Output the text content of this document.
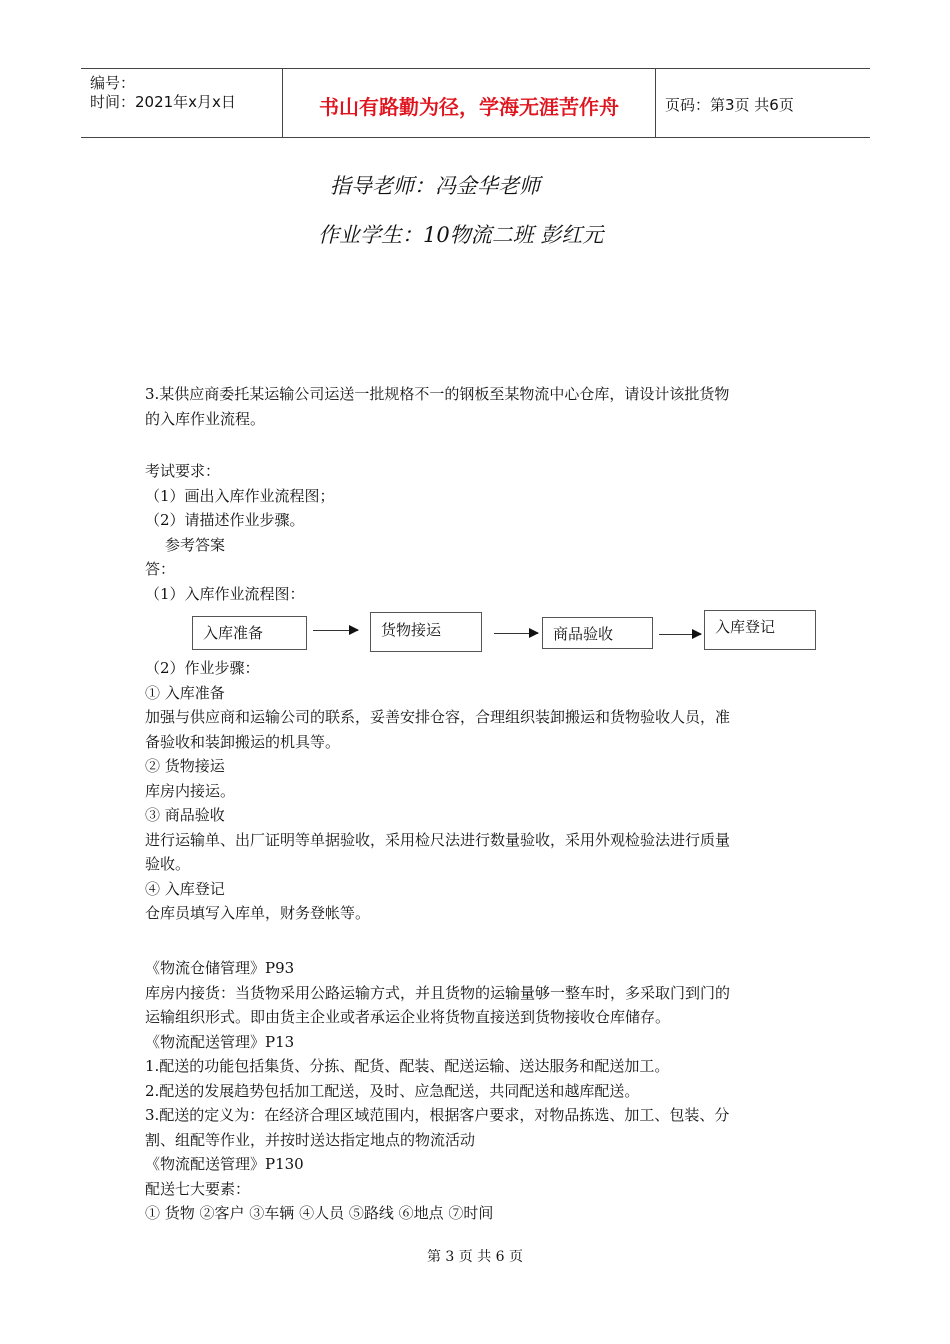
编号：
时间：2021年x月x日	书山有路勤为径，学海无涯苦作舟	页码：第3页 共6页
指导老师：冯金华老师
作业学生：10物流二班 彭红元
3.某供应商委托某运输公司运送一批规格不一的钢板至某物流中心仓库，请设计该批货物
的入库作业流程。
考试要求：
（1）画出入库作业流程图；
（2）请描述作业步骤。
参考答案
答：
（1）入库作业流程图：
入库准备	货物接运	商品验收	入库登记
（2）作业步骤：
① 入库准备
加强与供应商和运输公司的联系，妥善安排仓容，合理组织装卸搬运和货物验收人员，准
备验收和装卸搬运的机具等。
② 货物接运
库房内接运。
③ 商品验收
进行运输单、出厂证明等单据验收，采用检尺法进行数量验收，采用外观检验法进行质量
验收。
④ 入库登记
仓库员填写入库单，财务登帐等。
《物流仓储管理》P93
库房内接货：当货物采用公路运输方式，并且货物的运输量够一整车时，多采取门到门的
运输组织形式。即由货主企业或者承运企业将货物直接送到货物接收仓库储存。
《物流配送管理》P13
1.配送的功能包括集货、分拣、配货、配装、配送运输、送达服务和配送加工。
2.配送的发展趋势包括加工配送，及时、应急配送，共同配送和越库配送。
3.配送的定义为：在经济合理区域范围内，根据客户要求，对物品拣选、加工、包装、分
割、组配等作业，并按时送达指定地点的物流活动
《物流配送管理》P130
配送七大要素：
① 货物 ②客户 ③车辆 ④人员 ⑤路线 ⑥地点 ⑦时间
第 3 页 共 6 页
